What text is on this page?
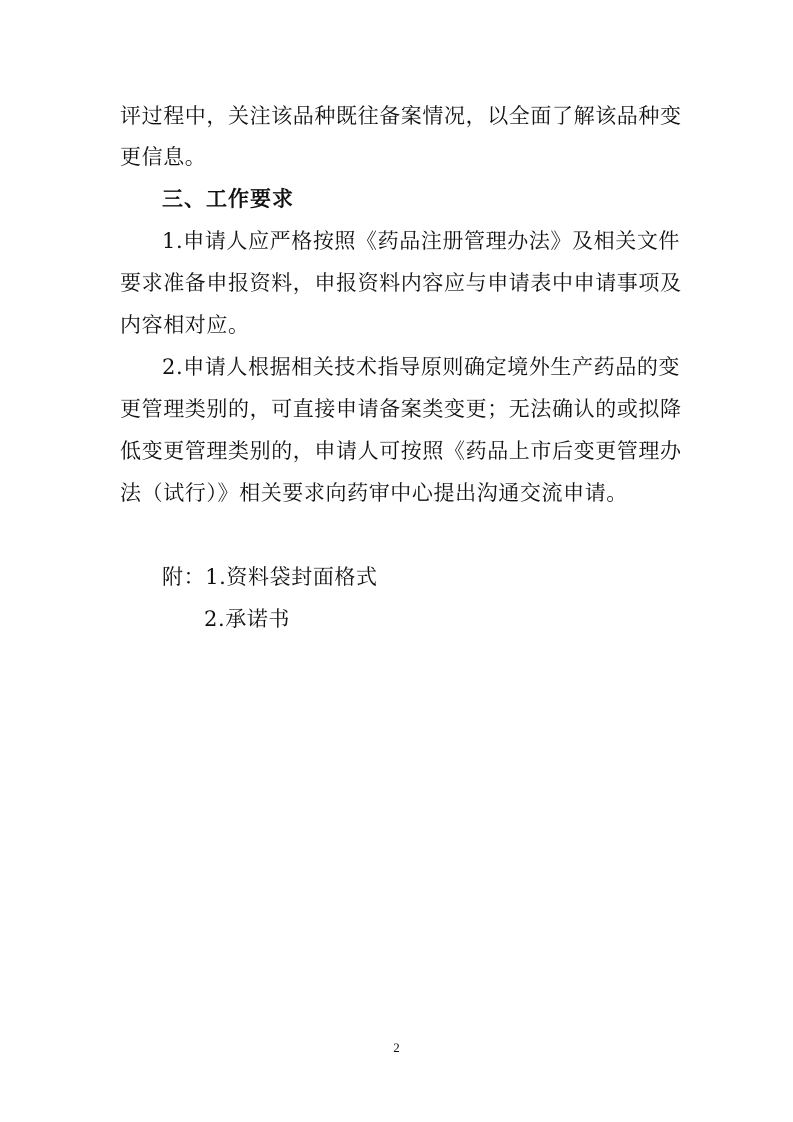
评过程中，关注该品种既往备案情况，以全面了解该品种变
更信息。
三、工作要求
1.申请人应严格按照《药品注册管理办法》及相关文件
要求准备申报资料，申报资料内容应与申请表中申请事项及
内容相对应。
2.申请人根据相关技术指导原则确定境外生产药品的变
更管理类别的，可直接申请备案类变更；无法确认的或拟降
低变更管理类别的，申请人可按照《药品上市后变更管理办
法（试行）》相关要求向药审中心提出沟通交流申请。
附：1.资料袋封面格式
2.承诺书
2
